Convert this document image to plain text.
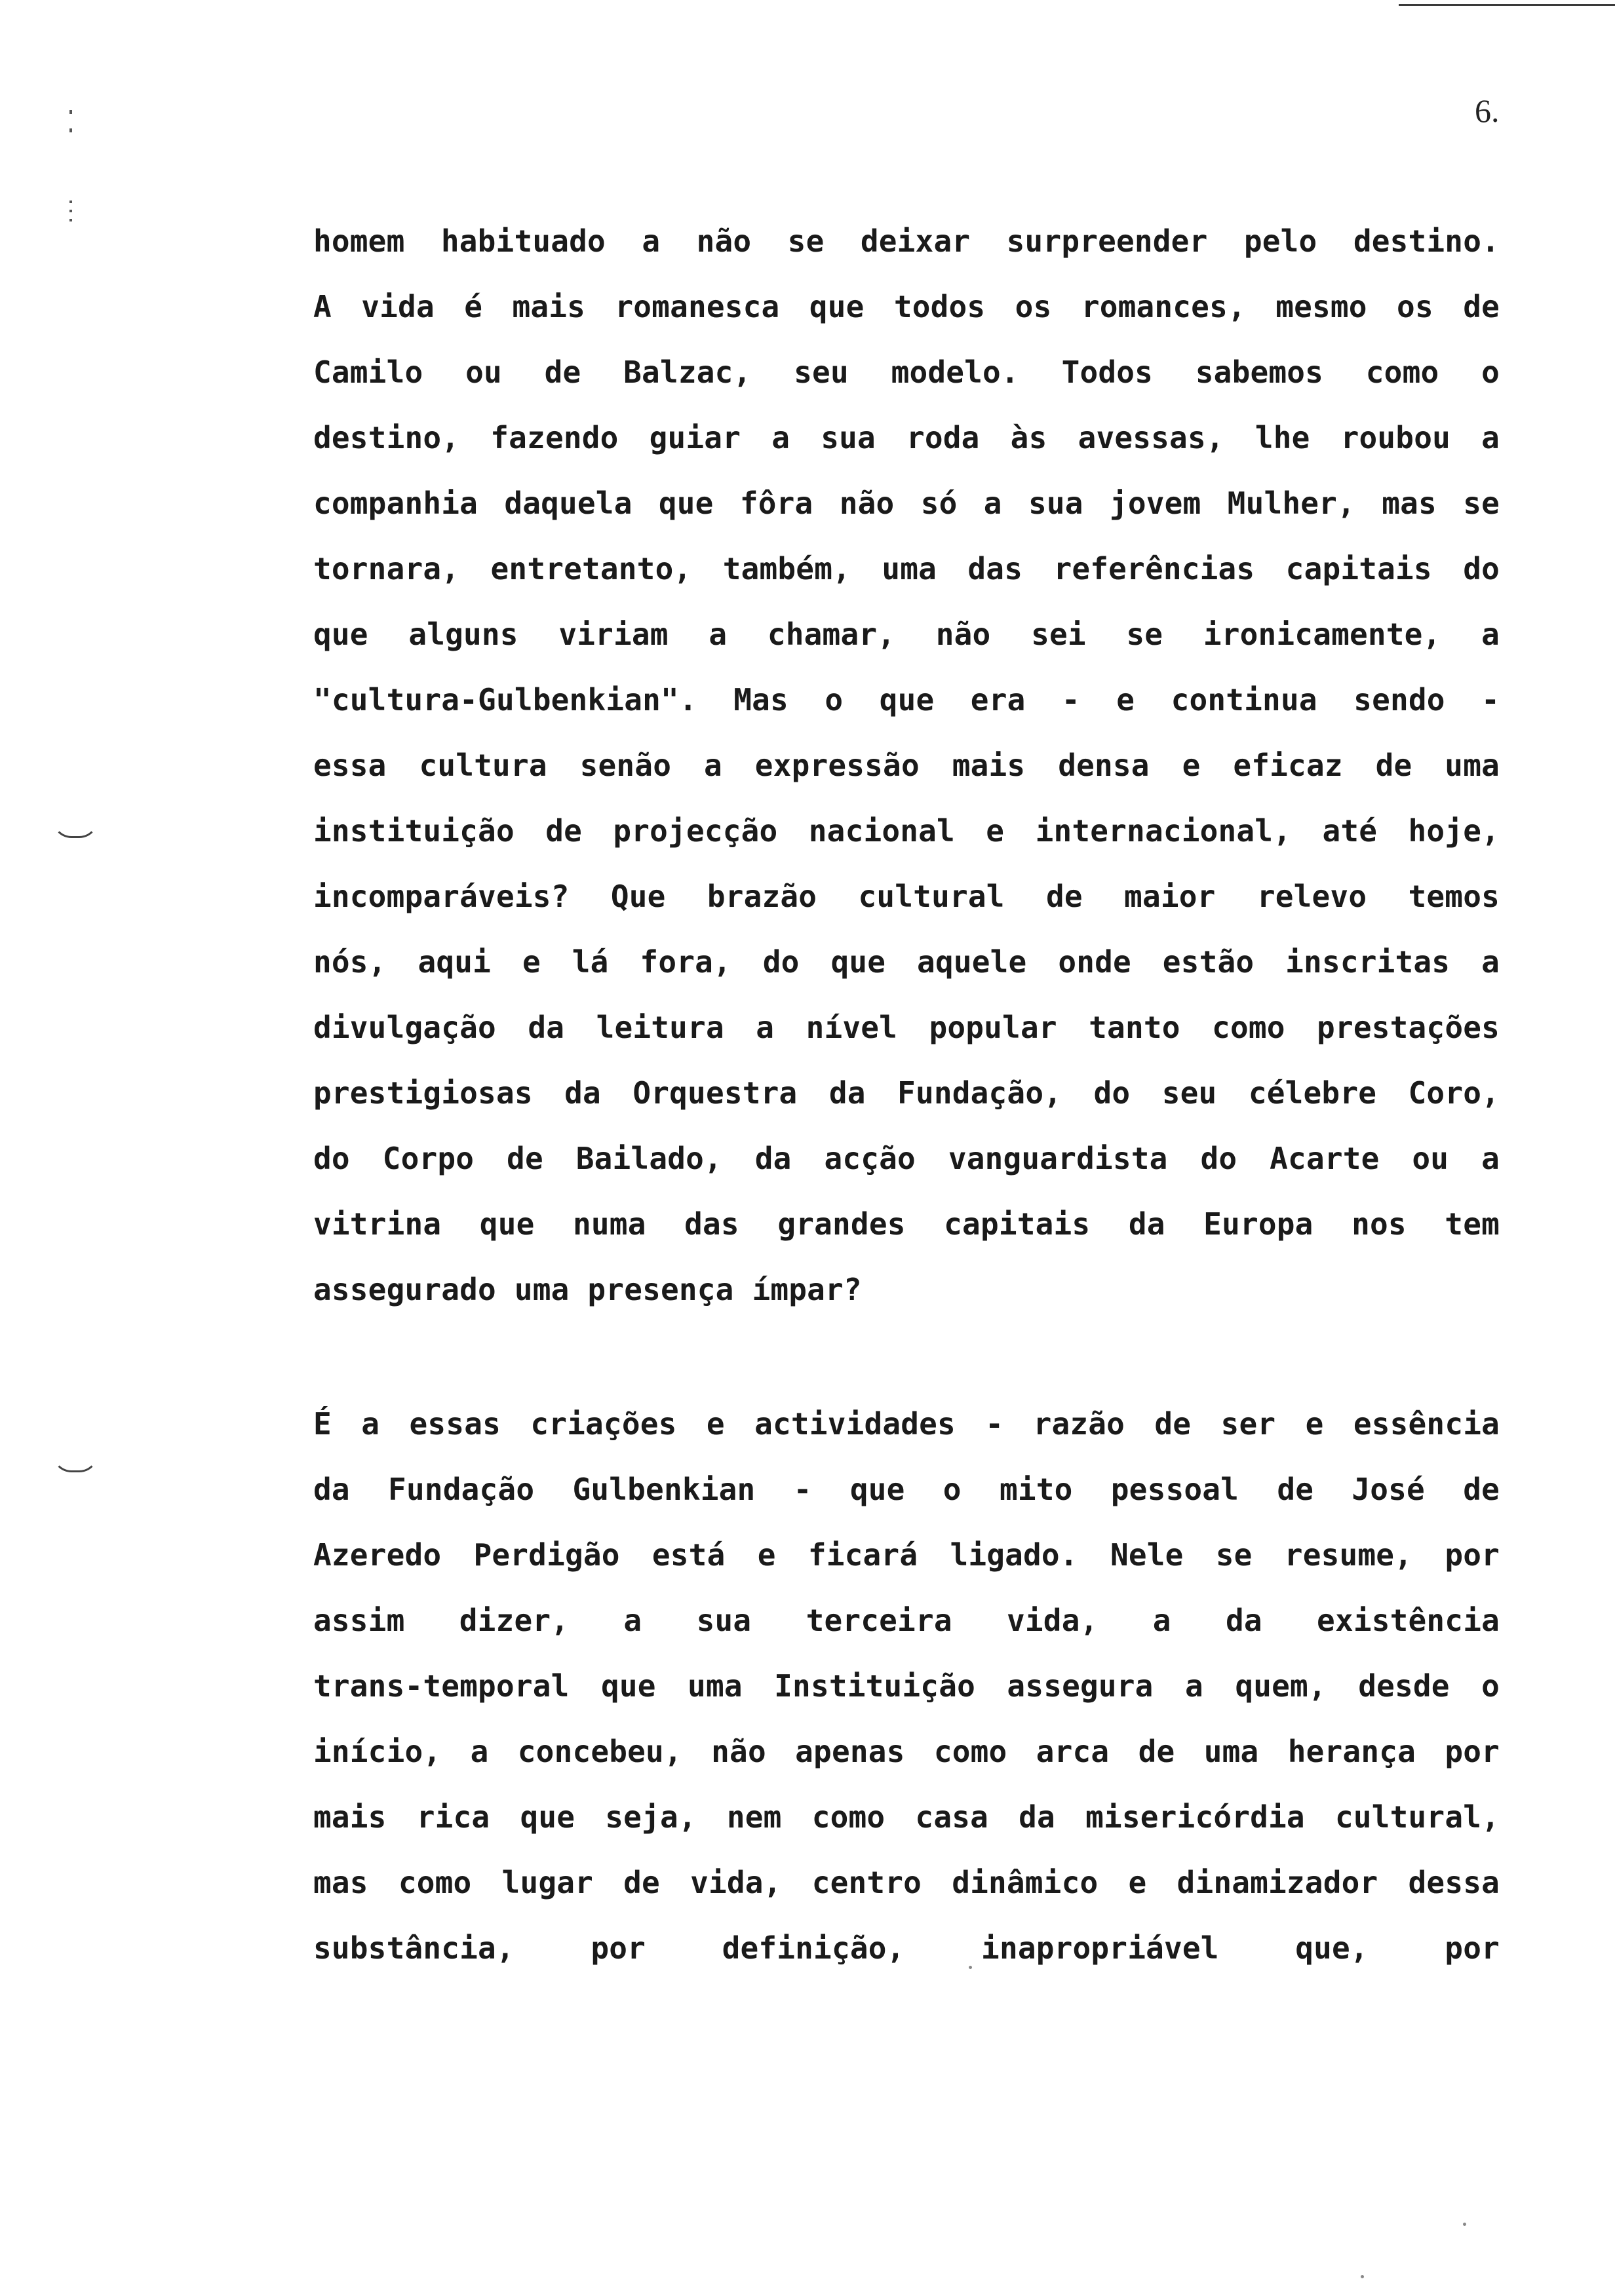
6.
homem habituado a não se deixar surpreender pelo destino.
A vida é mais romanesca que todos os romances, mesmo os de
Camilo ou de Balzac, seu modelo. Todos sabemos como o
destino, fazendo guiar a sua roda às avessas, lhe roubou a
companhia daquela que fôra não só a sua jovem Mulher, mas se
tornara, entretanto, também, uma das referências capitais do
que alguns viriam a chamar, não sei se ironicamente, a
"cultura-Gulbenkian". Mas o que era - e continua sendo -
essa cultura senão a expressão mais densa e eficaz de uma
instituição de projecção nacional e internacional, até hoje,
incomparáveis? Que brazão cultural de maior relevo temos
nós, aqui e lá fora, do que aquele onde estão inscritas a
divulgação da leitura a nível popular tanto como prestações
prestigiosas da Orquestra da Fundação, do seu célebre Coro,
do Corpo de Bailado, da acção vanguardista do Acarte ou a
vitrina que numa das grandes capitais da Europa nos tem
assegurado uma presença ímpar?
É a essas criações e actividades - razão de ser e essência
da Fundação Gulbenkian - que o mito pessoal de José de
Azeredo Perdigão está e ficará ligado. Nele se resume, por
assim dizer, a sua terceira vida, a da existência
trans-temporal que uma Instituição assegura a quem, desde o
início, a concebeu, não apenas como arca de uma herança por
mais rica que seja, nem como casa da misericórdia cultural,
mas como lugar de vida, centro dinâmico e dinamizador dessa
substância, por definição, inapropriável que, por
